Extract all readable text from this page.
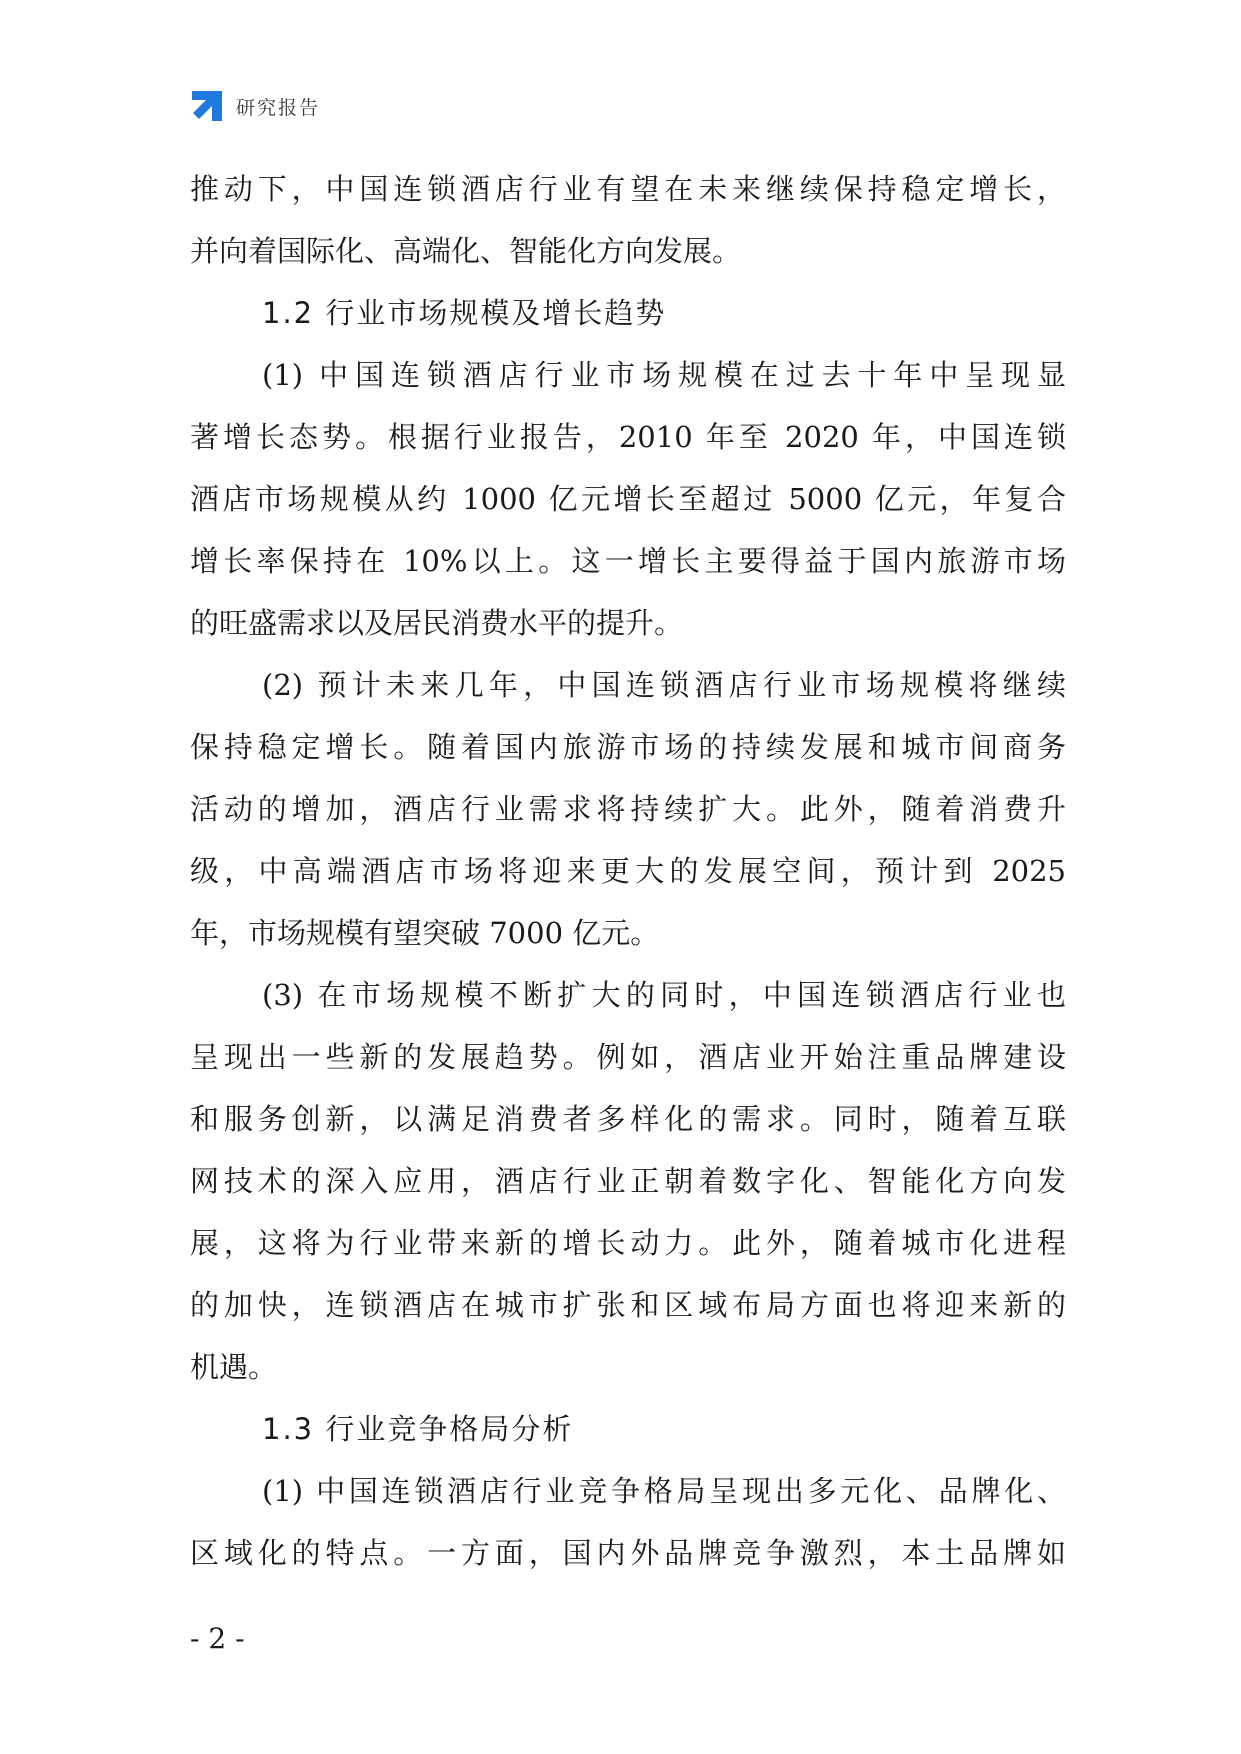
研究报告
推动下，中国连锁酒店行业有望在未来继续保持稳定增长，
并向着国际化、高端化、智能化方向发展。
1.2 行业市场规模及增长趋势
(1) 中国连锁酒店行业市场规模在过去十年中呈现显
著增长态势。根据行业报告，2010 年至 2020 年，中国连锁
酒店市场规模从约 1000 亿元增长至超过 5000 亿元，年复合
增长率保持在 10%以上。这一增长主要得益于国内旅游市场
的旺盛需求以及居民消费水平的提升。
(2) 预计未来几年，中国连锁酒店行业市场规模将继续
保持稳定增长。随着国内旅游市场的持续发展和城市间商务
活动的增加，酒店行业需求将持续扩大。此外，随着消费升
级，中高端酒店市场将迎来更大的发展空间，预计到 2025
年，市场规模有望突破 7000 亿元。
(3) 在市场规模不断扩大的同时，中国连锁酒店行业也
呈现出一些新的发展趋势。例如，酒店业开始注重品牌建设
和服务创新，以满足消费者多样化的需求。同时，随着互联
网技术的深入应用，酒店行业正朝着数字化、智能化方向发
展，这将为行业带来新的增长动力。此外，随着城市化进程
的加快，连锁酒店在城市扩张和区域布局方面也将迎来新的
机遇。
1.3 行业竞争格局分析
(1) 中国连锁酒店行业竞争格局呈现出多元化、品牌化、
区域化的特点。一方面，国内外品牌竞争激烈，本土品牌如
- 2 -
